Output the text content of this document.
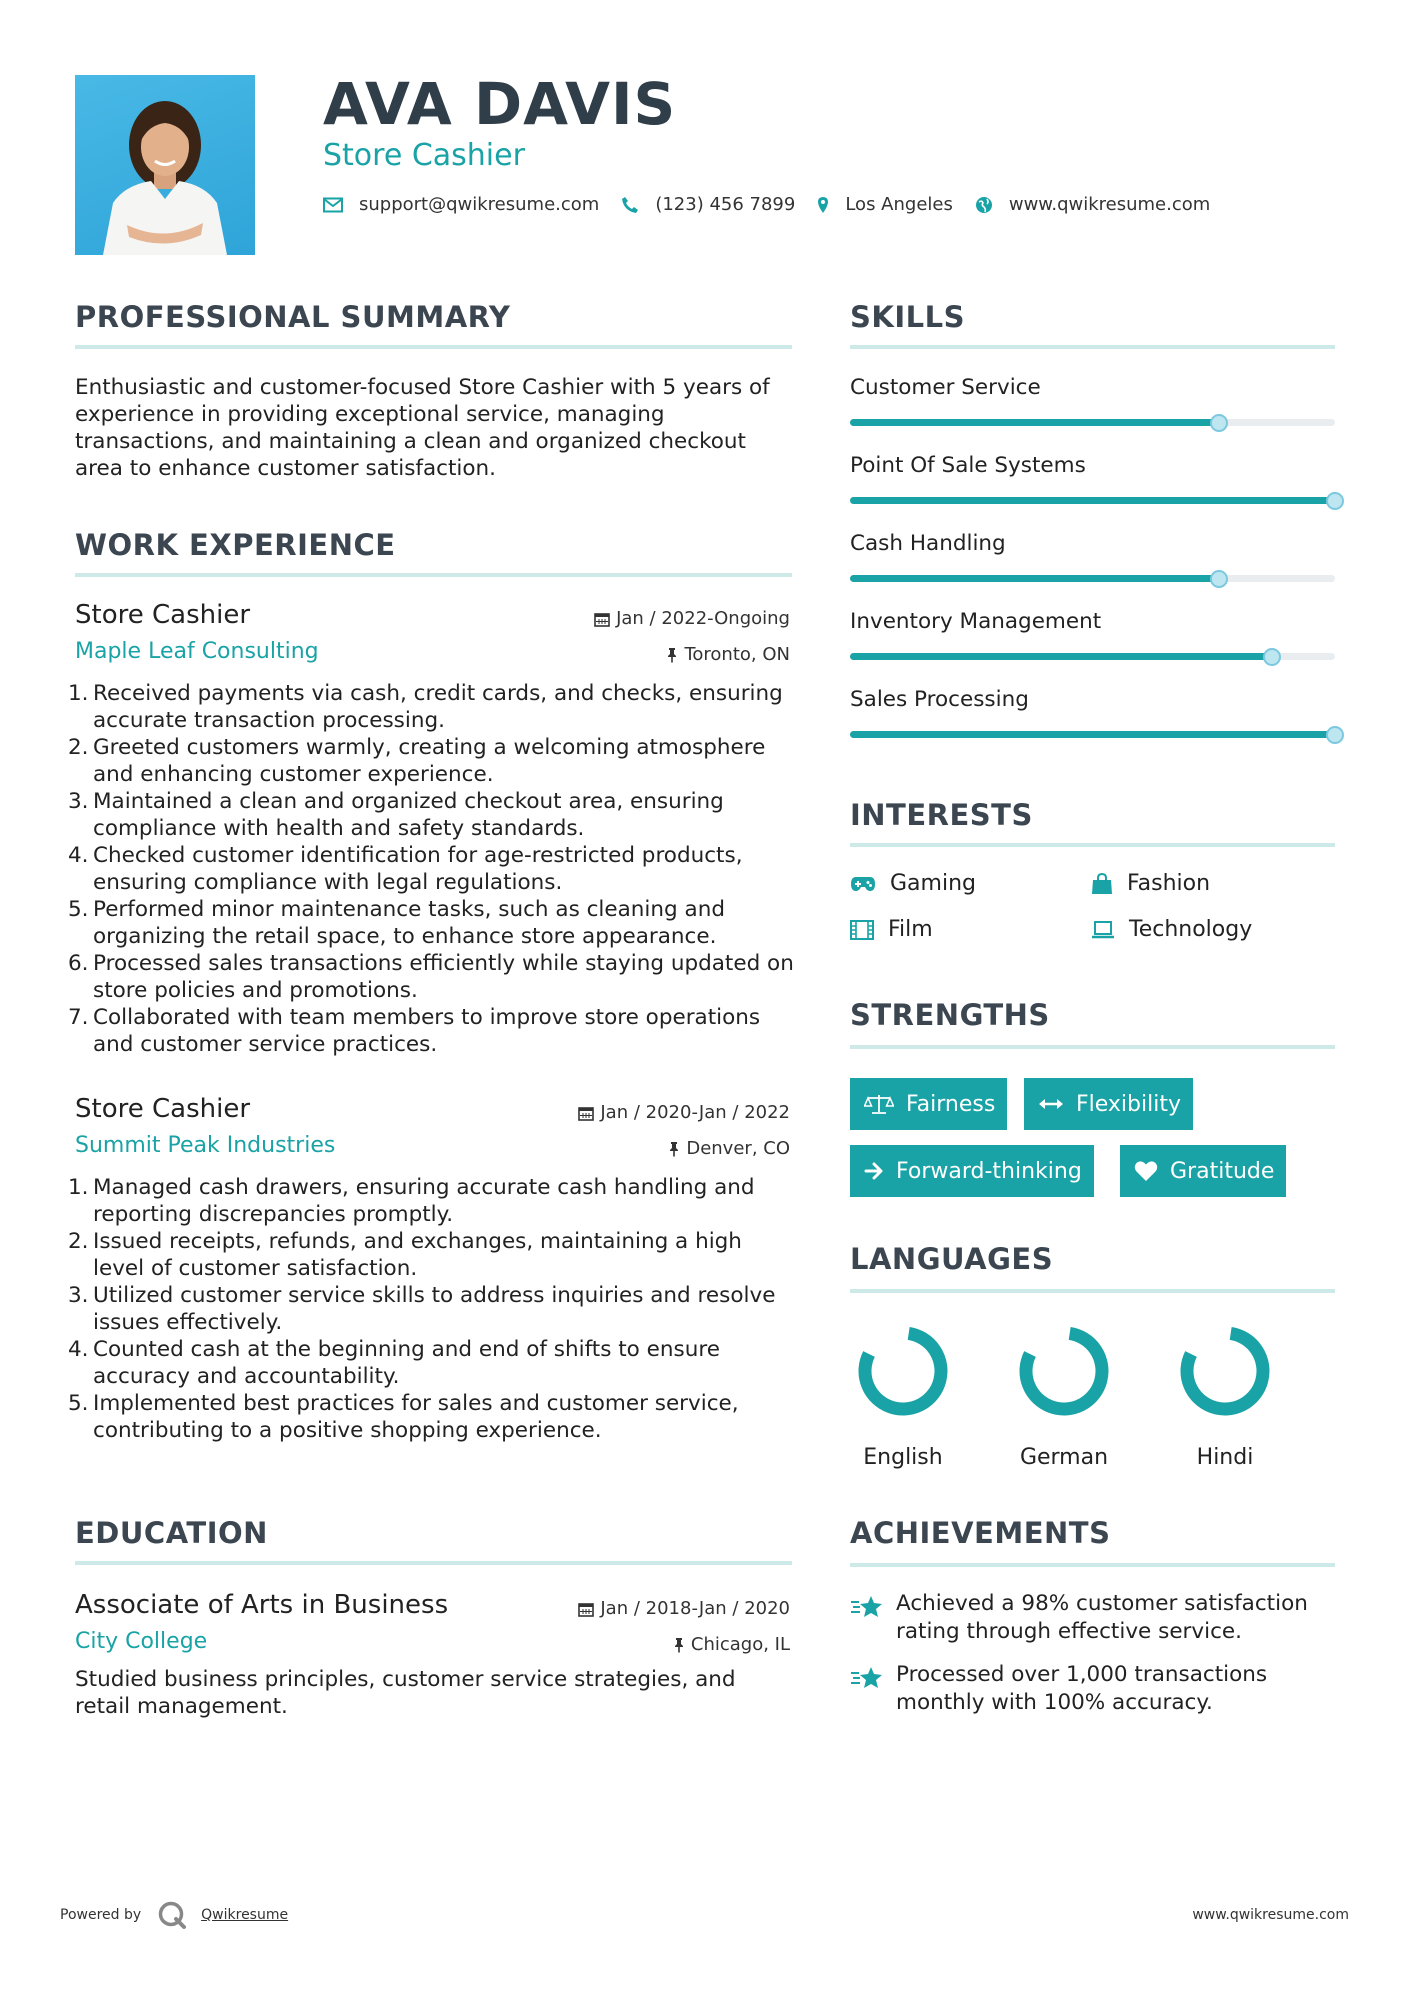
AVA DAVIS
Store Cashier
support@qwikresume.com	(123) 456 7899	Los Angeles	www.qwikresume.com
PROFESSIONAL SUMMARY
Enthusiastic and customer-focused Store Cashier with 5 years of experience in providing exceptional service, managing transactions, and maintaining a clean and organized checkout area to enhance customer satisfaction.
WORK EXPERIENCE
Store Cashier
Maple Leaf Consulting
Jan / 2022-Ongoing
Toronto, ON
1. Received payments via cash, credit cards, and checks, ensuring accurate transaction processing.
2. Greeted customers warmly, creating a welcoming atmosphere and enhancing customer experience.
3. Maintained a clean and organized checkout area, ensuring compliance with health and safety standards.
4. Checked customer identification for age-restricted products, ensuring compliance with legal regulations.
5. Performed minor maintenance tasks, such as cleaning and organizing the retail space, to enhance store appearance.
6. Processed sales transactions efficiently while staying updated on store policies and promotions.
7. Collaborated with team members to improve store operations and customer service practices.
Store Cashier
Summit Peak Industries
Jan / 2020-Jan / 2022
Denver, CO
1. Managed cash drawers, ensuring accurate cash handling and reporting discrepancies promptly.
2. Issued receipts, refunds, and exchanges, maintaining a high level of customer satisfaction.
3. Utilized customer service skills to address inquiries and resolve issues effectively.
4. Counted cash at the beginning and end of shifts to ensure accuracy and accountability.
5. Implemented best practices for sales and customer service, contributing to a positive shopping experience.
EDUCATION
Associate of Arts in Business
City College
Jan / 2018-Jan / 2020
Chicago, IL
Studied business principles, customer service strategies, and retail management.
SKILLS
Customer Service
Point Of Sale Systems
Cash Handling
Inventory Management
Sales Processing
INTERESTS
Gaming	Fashion
Film	Technology
STRENGTHS
Fairness	Flexibility
Forward-thinking	Gratitude
LANGUAGES
English	German	Hindi
ACHIEVEMENTS
Achieved a 98% customer satisfaction rating through effective service.
Processed over 1,000 transactions monthly with 100% accuracy.
Powered by	Qwikresume	www.qwikresume.com
